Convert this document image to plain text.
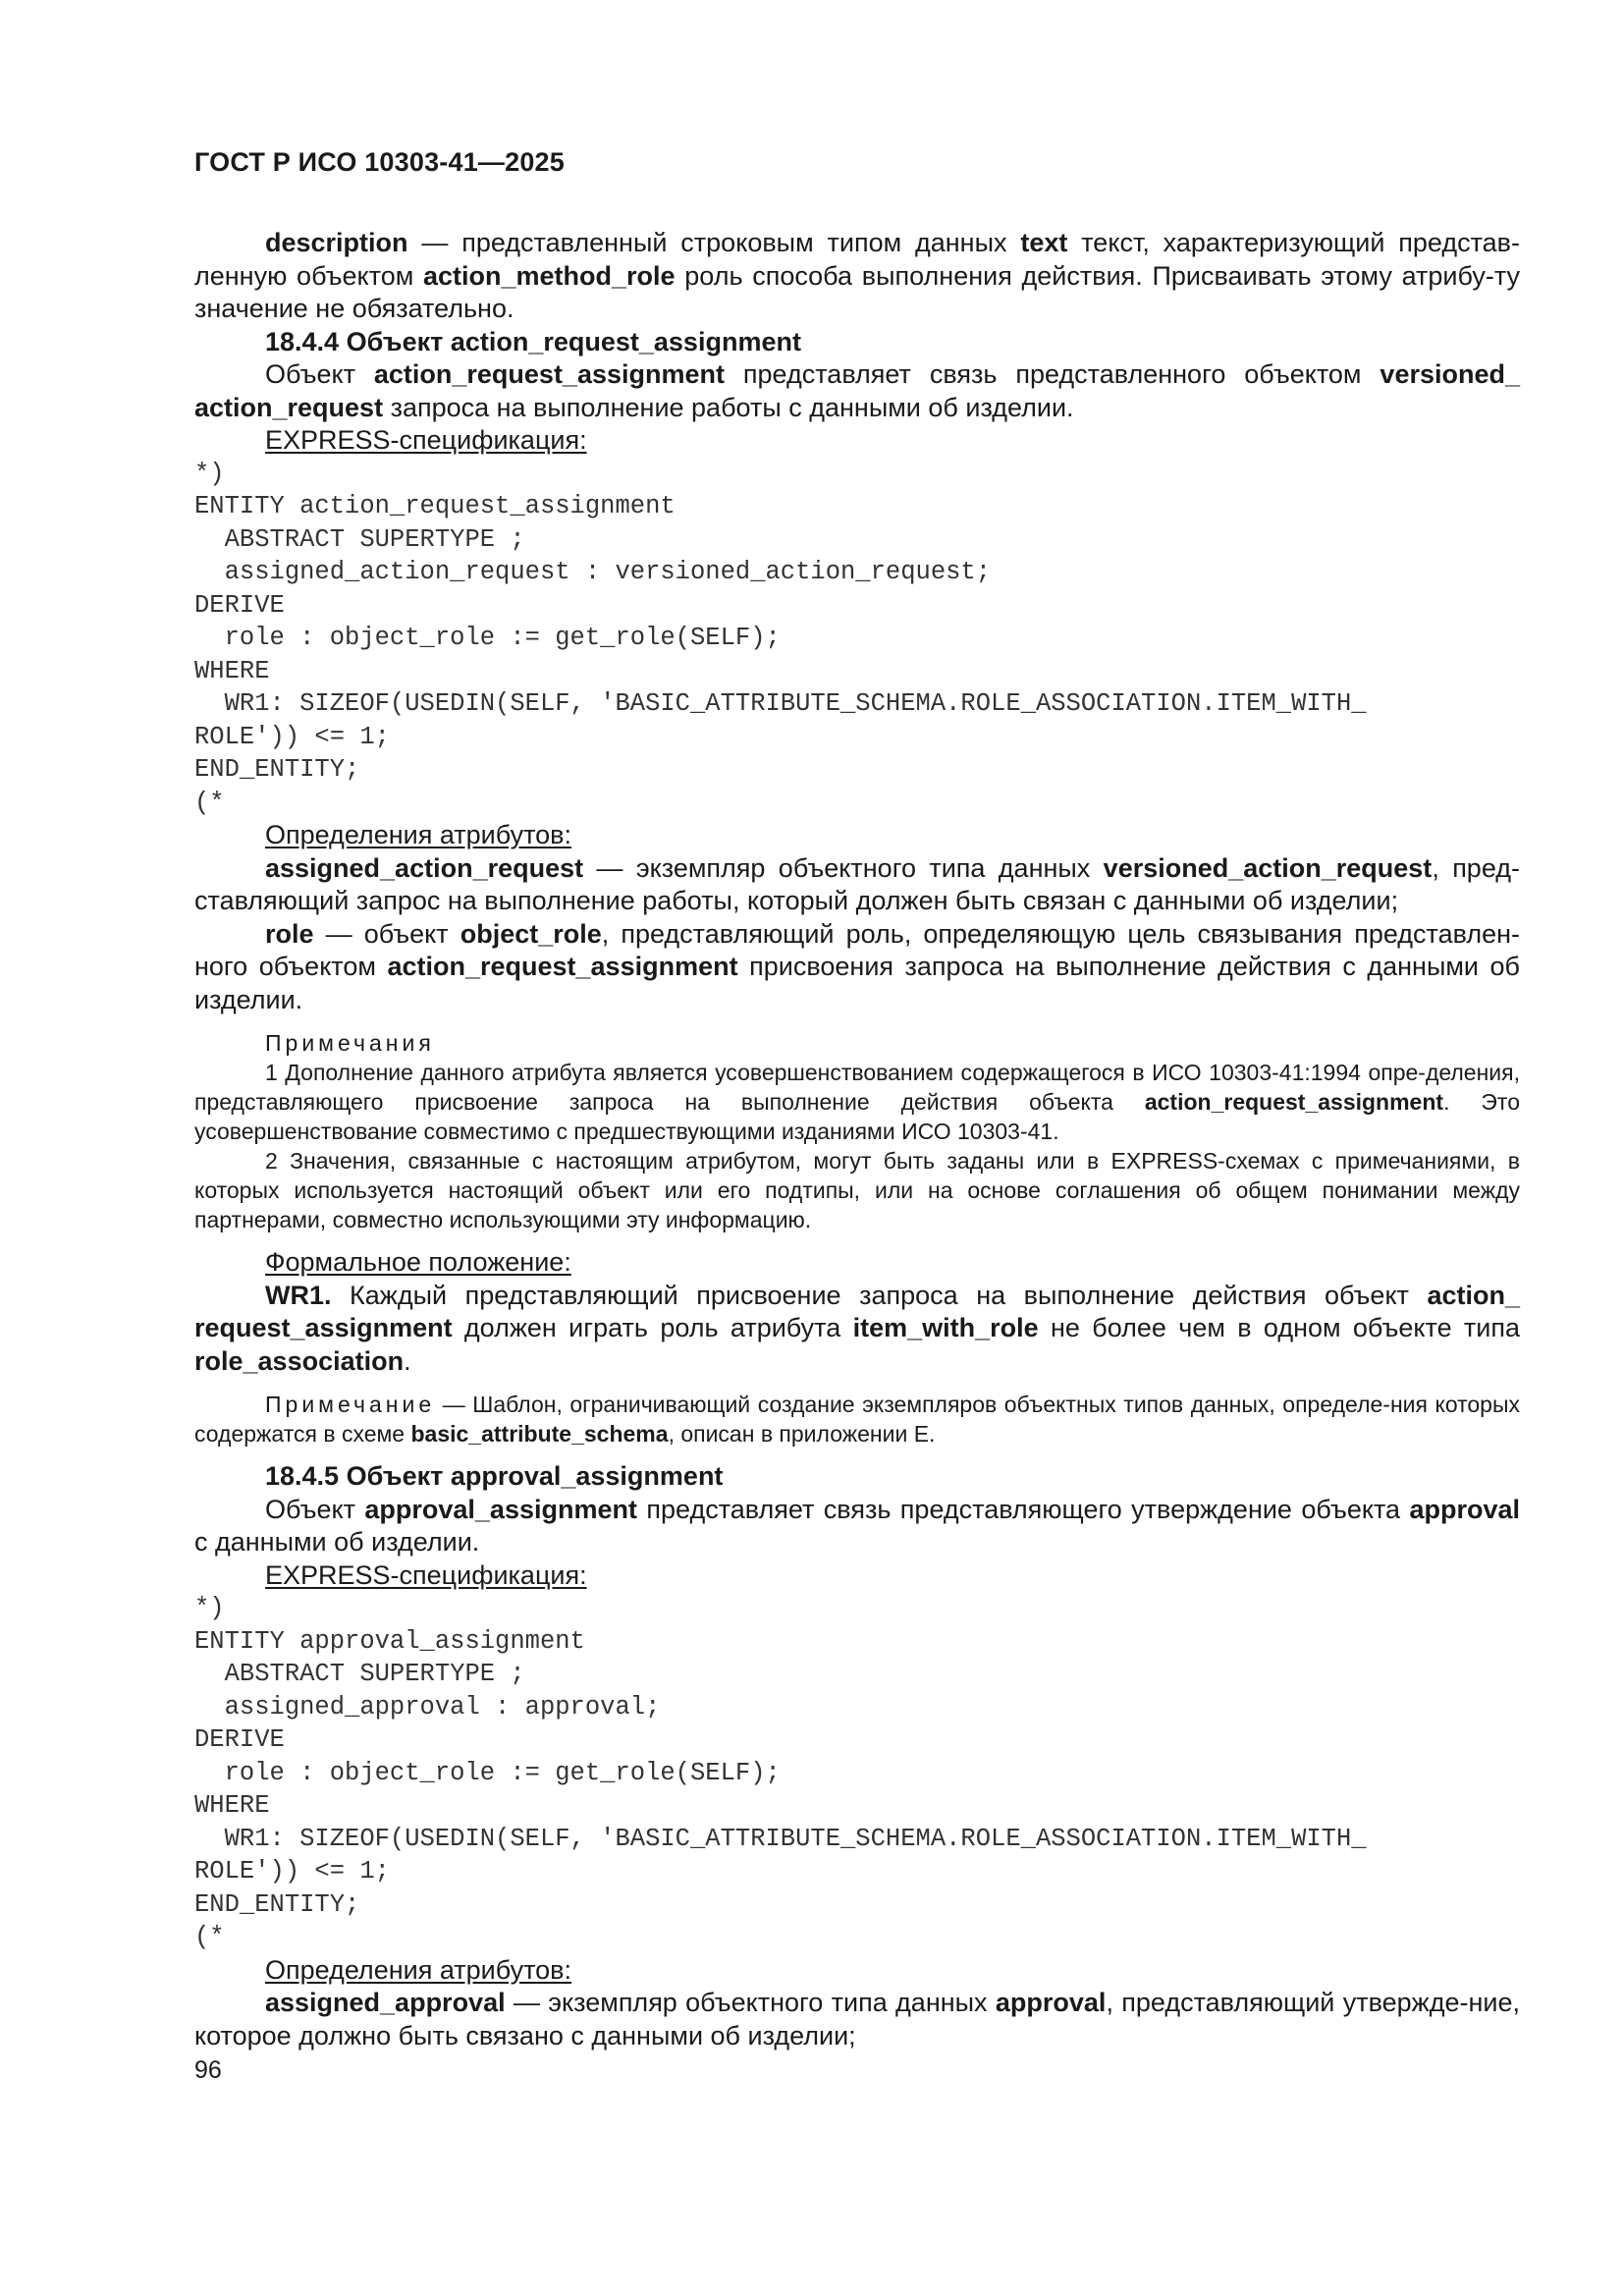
ГОСТ Р ИСО 10303-41—2025

description — представленный строковым типом данных text текст, характеризующий представ-ленную объектом action_method_role роль способа выполнения действия. Присваивать этому атрибу-ту значение не обязательно.

18.4.4 Объект action_request_assignment

Объект action_request_assignment представляет связь представленного объектом versioned_ action_request запроса на выполнение работы с данными об изделии.

EXPRESS-спецификация:

*)
ENTITY action_request_assignment
ABSTRACT SUPERTYPE ;
assigned_action_request : versioned_action_request;
DERIVE
role : object_role := get_role(SELF);
WHERE
WR1: SIZEOF(USEDIN(SELF, 'BASIC_ATTRIBUTE_SCHEMA.ROLE_ASSOCIATION.ITEM_WITH_
ROLE')) <= 1;
END_ENTITY;
(*

Определения атрибутов:

assigned_action_request — экземпляр объектного типа данных versioned_action_request, пред-ставляющий запрос на выполнение работы, который должен быть связан с данными об изделии;

role — объект object_role, представляющий роль, определяющую цель связывания представлен-ного объектом action_request_assignment присвоения запроса на выполнение действия с данными об изделии.

Примечания

1 Дополнение данного атрибута является усовершенствованием содержащегося в ИСО 10303-41:1994 опре-деления, представляющего присвоение запроса на выполнение действия объекта action_request_assignment. Это усовершенствование совместимо с предшествующими изданиями ИСО 10303-41.

2 Значения, связанные с настоящим атрибутом, могут быть заданы или в EXPRESS-схемах с примечаниями, в которых используется настоящий объект или его подтипы, или на основе соглашения об общем понимании между партнерами, совместно использующими эту информацию.

Формальное положение:

WR1. Каждый представляющий присвоение запроса на выполнение действия объект action_ request_assignment должен играть роль атрибута item_with_role не более чем в одном объекте типа role_association.

Примечание — Шаблон, ограничивающий создание экземпляров объектных типов данных, определе-ния которых содержатся в схеме basic_attribute_schema, описан в приложении Е.

18.4.5 Объект approval_assignment

Объект approval_assignment представляет связь представляющего утверждение объекта approval с данными об изделии.

EXPRESS-спецификация:

*)
ENTITY approval_assignment
ABSTRACT SUPERTYPE ;
assigned_approval : approval;
DERIVE
role : object_role := get_role(SELF);
WHERE
WR1: SIZEOF(USEDIN(SELF, 'BASIC_ATTRIBUTE_SCHEMA.ROLE_ASSOCIATION.ITEM_WITH_
ROLE')) <= 1;
END_ENTITY;
(*

Определения атрибутов:

assigned_approval — экземпляр объектного типа данных approval, представляющий утвержде-ние, которое должно быть связано с данными об изделии;

96
